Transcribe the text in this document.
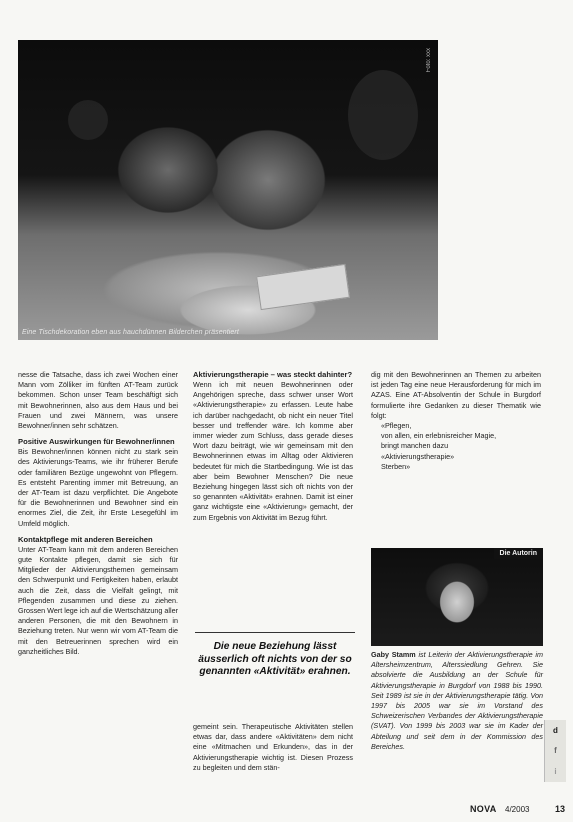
Foto: xxx
Eine Tischdekoration eben aus hauchdünnen Bilderchen präsentiert

nesse die Tatsache, dass ich zwei Wochen einer Mann vom Zölliker im fünften AT-Team zurück bekommen. Schon unser Team beschäftigt sich mit Bewohnerinnen, also aus dem Haus und bei Frauen und zwei Männern, was unsere Bewohner/innen sehr schätzen.

Positive Auswirkungen für Bewohner/innen

Bis Bewohner/innen können nicht zu stark sein des Aktivierungs-Teams, wie ihr früherer Berufe oder familiären Bezüge ungewohnt von Pflegern. Es entsteht Parenting immer mit Betreuung, an der AT-Team ist dazu verpflichtet. Die Angebote für die Bewohnerinnen und Bewohner sind ein enormes Ziel, die Zeit, ihr Erste Lesegefühl im Umfeld möglich.

Kontaktpflege mit anderen Bereichen

Unter AT-Team kann mit dem anderen Bereichen gute Kontakte pflegen, damit sie sich für Mitglieder der Aktivierungsthemen gemeinsam den Schwerpunkt und Fertigkeiten haben, erlaubt auch die Zeit, dass die Vielfalt gelingt, mit Pflegenden zusammen und diese zu ziehen. Grossen Wert lege ich auf die Wertschätzung aller anderen Personen, die mit den Bewohnern in Beziehung treten. Nur wenn wir vom AT-Team die mit den Betreuerinnen sprechen wird ein ganzheitliches Bild.

Aktivierungstherapie – was steckt dahinter?

Wenn ich mit neuen Bewohnerinnen oder Angehörigen spreche, dass schwer unser Wort «Aktivierungstherapie» zu erfassen. Leute habe ich darüber nachgedacht, ob nicht ein neuer Titel besser und treffender wäre. Ich komme aber immer wieder zum Schluss, dass gerade dieses Wort dazu beiträgt, wie wir gemeinsam mit den Bewohnerinnen etwas im Alltag oder Aktivieren bedeutet für mich die Startbedingung. Wie ist das aber beim Bewohner Menschen? Die neue Beziehung hingegen lässt sich oft nichts von der so genannten «Aktivität» erahnen. Damit ist einer ganz wichtigste eine «Aktivierung» gemacht, der zum Ergebnis von Aktivität im Bezug führt.

Die neue Beziehung lässt äusserlich oft nichts von der so genannten «Aktivität» erahnen.

gemeint sein. Therapeutische Aktivitäten stellen etwas dar, dass andere «Aktivitäten» dem nicht eine «Mitmachen und Erkunden», das in der Aktivierungstherapie wichtig ist. Diesen Prozess zu begleiten und dem stän-

dig mit den Bewohnerinnen an Themen zu arbeiten ist jeden Tag eine neue Herausforderung für mich im AZAS. Eine AT-Absolventin der Schule in Burgdorf formulierte ihre Gedanken zu dieser Thematik wie folgt:

«Pflegen,
von allen, ein erlebnisreicher Magie,
bringt manchen dazu
«Aktivierungstherapie»
Sterben»
Die Autorin

Gaby Stamm ist Leiterin der Aktivierungstherapie im Altersheimzentrum, Alterssiedlung Gehren. Sie absolvierte die Ausbildung an der Schule für Aktivierungstherapie in Burgdorf von 1988 bis 1990. Seit 1989 ist sie in der Aktivierungstherapie tätig. Von 1997 bis 2005 war sie im Vorstand des Schweizerischen Verbandes der Aktivierungstherapie (SVAT). Von 1999 bis 2003 war sie im Kader der Abteilung und seit dem in der Kommission des Bereiches.

d
f
i
NOVA 4/2003	13
